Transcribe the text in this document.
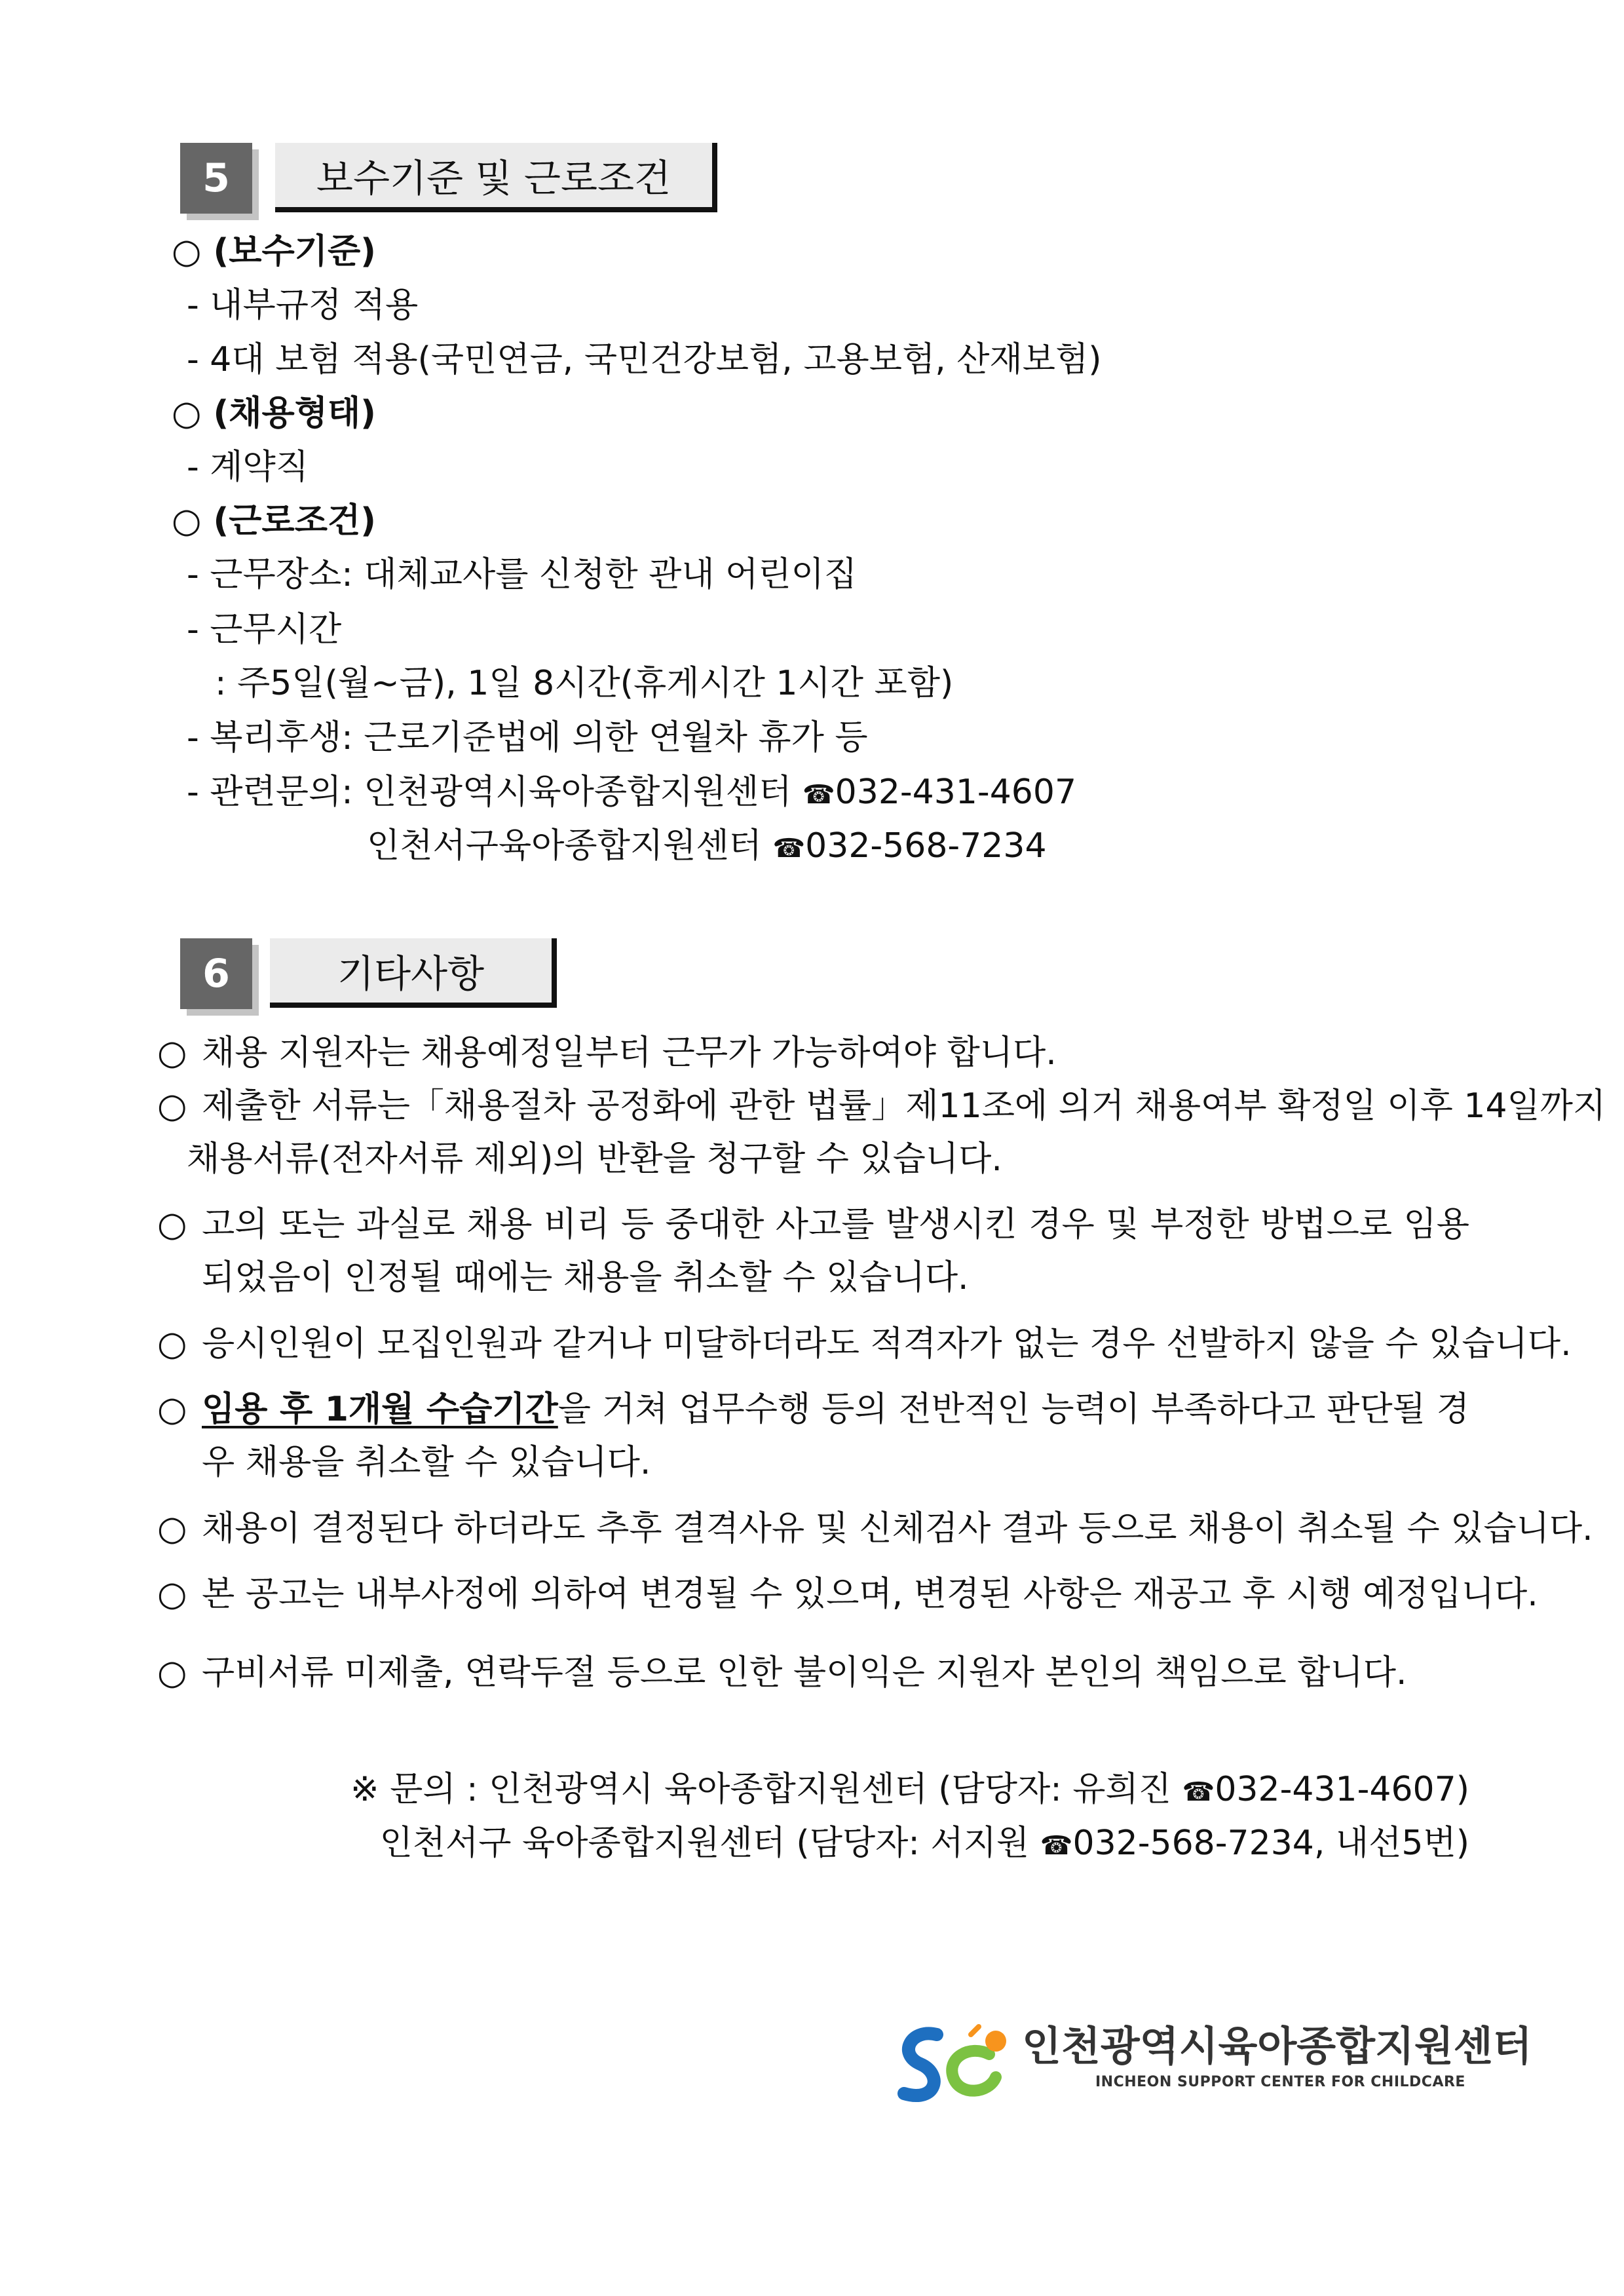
5	보수기준 및 근로조건
○ (보수기준)
- 내부규정 적용
- 4대 보험 적용(국민연금, 국민건강보험, 고용보험, 산재보험)
○ (채용형태)
- 계약직
○ (근로조건)
- 근무장소: 대체교사를 신청한 관내 어린이집
- 근무시간
: 주5일(월~금), 1일 8시간(휴게시간 1시간 포함)
- 복리후생: 근로기준법에 의한 연월차 휴가 등
- 관련문의: 인천광역시육아종합지원센터 ☎032-431-4607
인천서구육아종합지원센터 ☎032-568-7234
6	기타사항
○ 채용 지원자는 채용예정일부터 근무가 가능하여야 합니다.
○ 제출한 서류는「채용절차 공정화에 관한 법률」제11조에 의거 채용여부 확정일 이후 14일까지
채용서류(전자서류 제외)의 반환을 청구할 수 있습니다.
○ 고의 또는 과실로 채용 비리 등 중대한 사고를 발생시킨 경우 및 부정한 방법으로 임용
되었음이 인정될 때에는 채용을 취소할 수 있습니다.
○ 응시인원이 모집인원과 같거나 미달하더라도 적격자가 없는 경우 선발하지 않을 수 있습니다.
○ 임용 후 1개월 수습기간을 거쳐 업무수행 등의 전반적인 능력이 부족하다고 판단될 경
우 채용을 취소할 수 있습니다.
○ 채용이 결정된다 하더라도 추후 결격사유 및 신체검사 결과 등으로 채용이 취소될 수 있습니다.
○ 본 공고는 내부사정에 의하여 변경될 수 있으며, 변경된 사항은 재공고 후 시행 예정입니다.
○ 구비서류 미제출, 연락두절 등으로 인한 불이익은 지원자 본인의 책임으로 합니다.
※ 문의 : 인천광역시 육아종합지원센터 (담당자: 유희진 ☎032-431-4607)
인천서구 육아종합지원센터 (담당자: 서지원 ☎032-568-7234, 내선5번)
인천광역시육아종합지원센터
INCHEON SUPPORT CENTER FOR CHILDCARE
